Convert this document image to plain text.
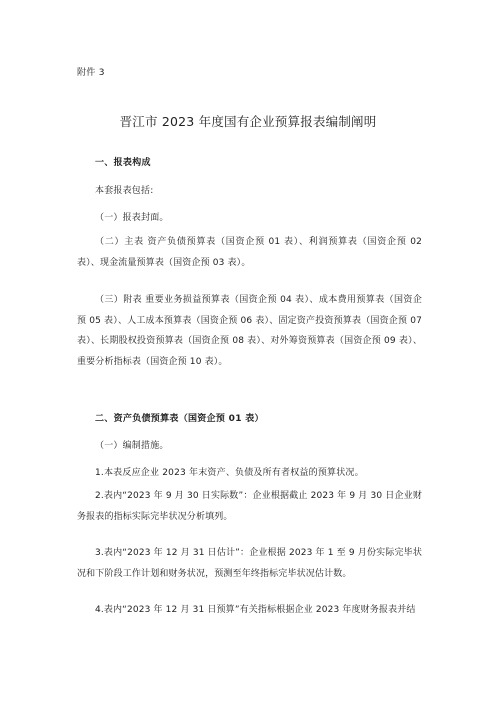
附件 3
晋江市 2023 年度国有企业预算报表编制阐明
一、报表构成
本套报表包括:
（一）报表封面。
（二）主表 资产负债预算表（国资企预 01 表）、利润预算表（国资企预 02 表）、现金流量预算表（国资企预 03 表）。
（三）附表 重要业务损益预算表（国资企预 04 表）、成本费用预算表（国资企预 05 表）、人工成本预算表（国资企预 06 表）、固定资产投资预算表（国资企预 07 表）、长期股权投资预算表（国资企预 08 表）、对外筹资预算表（国资企预 09 表）、重要分析指标表（国资企预 10 表）。
二、资产负债预算表（国资企预 01 表）
（一）编制措施。
1.本表反应企业 2023 年末资产、负债及所有者权益的预算状况。
2.表内“2023 年 9 月 30 日实际数”：企业根据截止 2023 年 9 月 30 日企业财务报表的指标实际完毕状况分析填列。
3.表内“2023 年 12 月 31 日估计”：企业根据 2023 年 1 至 9 月份实际完毕状况和下阶段工作计划和财务状况，预测至年终指标完毕状况估计数。
4.表内“2023 年 12 月 31 日预算”有关指标根据企业 2023 年度财务报表并结
